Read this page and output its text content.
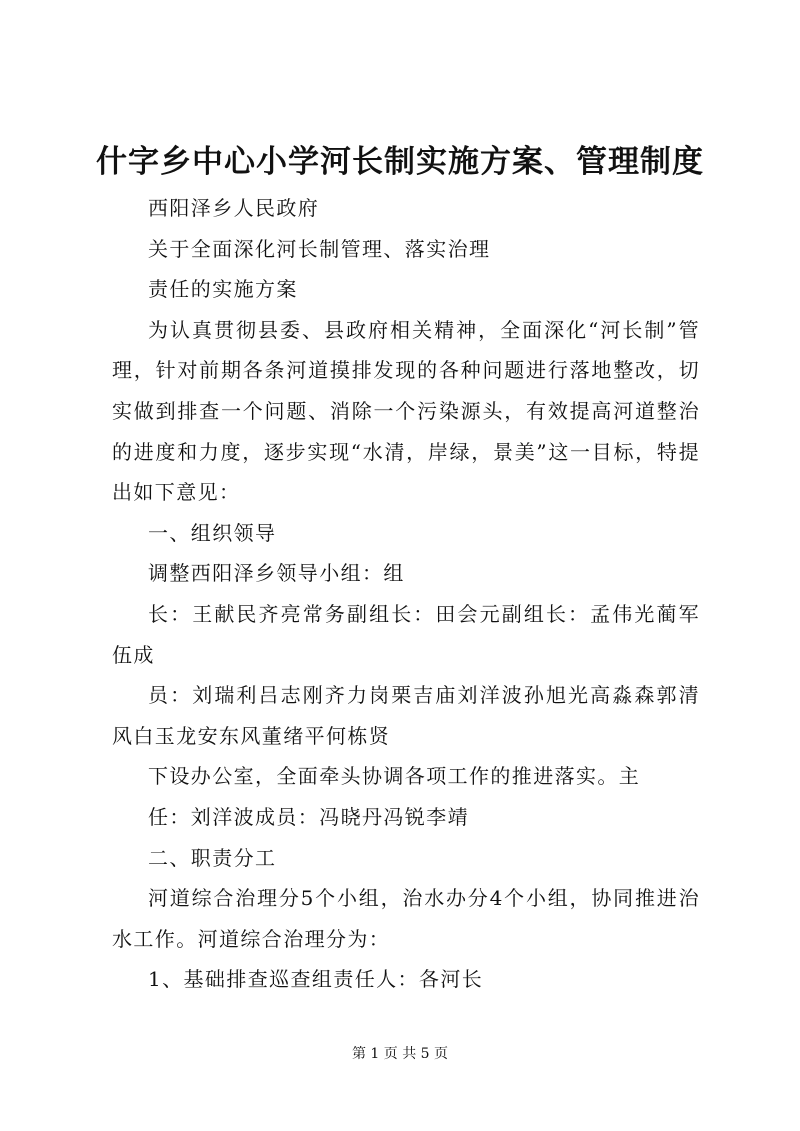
什字乡中心小学河长制实施方案、管理制度

西阳泽乡人民政府

关于全面深化河长制管理、落实治理

责任的实施方案

为认真贯彻县委、县政府相关精神，全面深化“河长制”管理，针对前期各条河道摸排发现的各种问题进行落地整改，切实做到排查一个问题、消除一个污染源头，有效提高河道整治的进度和力度，逐步实现“水清，岸绿，景美”这一目标，特提出如下意见：

一、组织领导

调整西阳泽乡领导小组：组

长：王献民齐亮常务副组长：田会元副组长：孟伟光蔺军伍成

员：刘瑞利吕志刚齐力岗栗吉庙刘洋波孙旭光高淼森郭清风白玉龙安东风董绪平何栋贤

下设办公室，全面牵头协调各项工作的推进落实。主

任：刘洋波成员：冯晓丹冯锐李靖

二、职责分工

河道综合治理分5个小组，治水办分4个小组，协同推进治水工作。河道综合治理分为：

1、基础排查巡查组责任人：各河长

第 1 页 共 5 页
